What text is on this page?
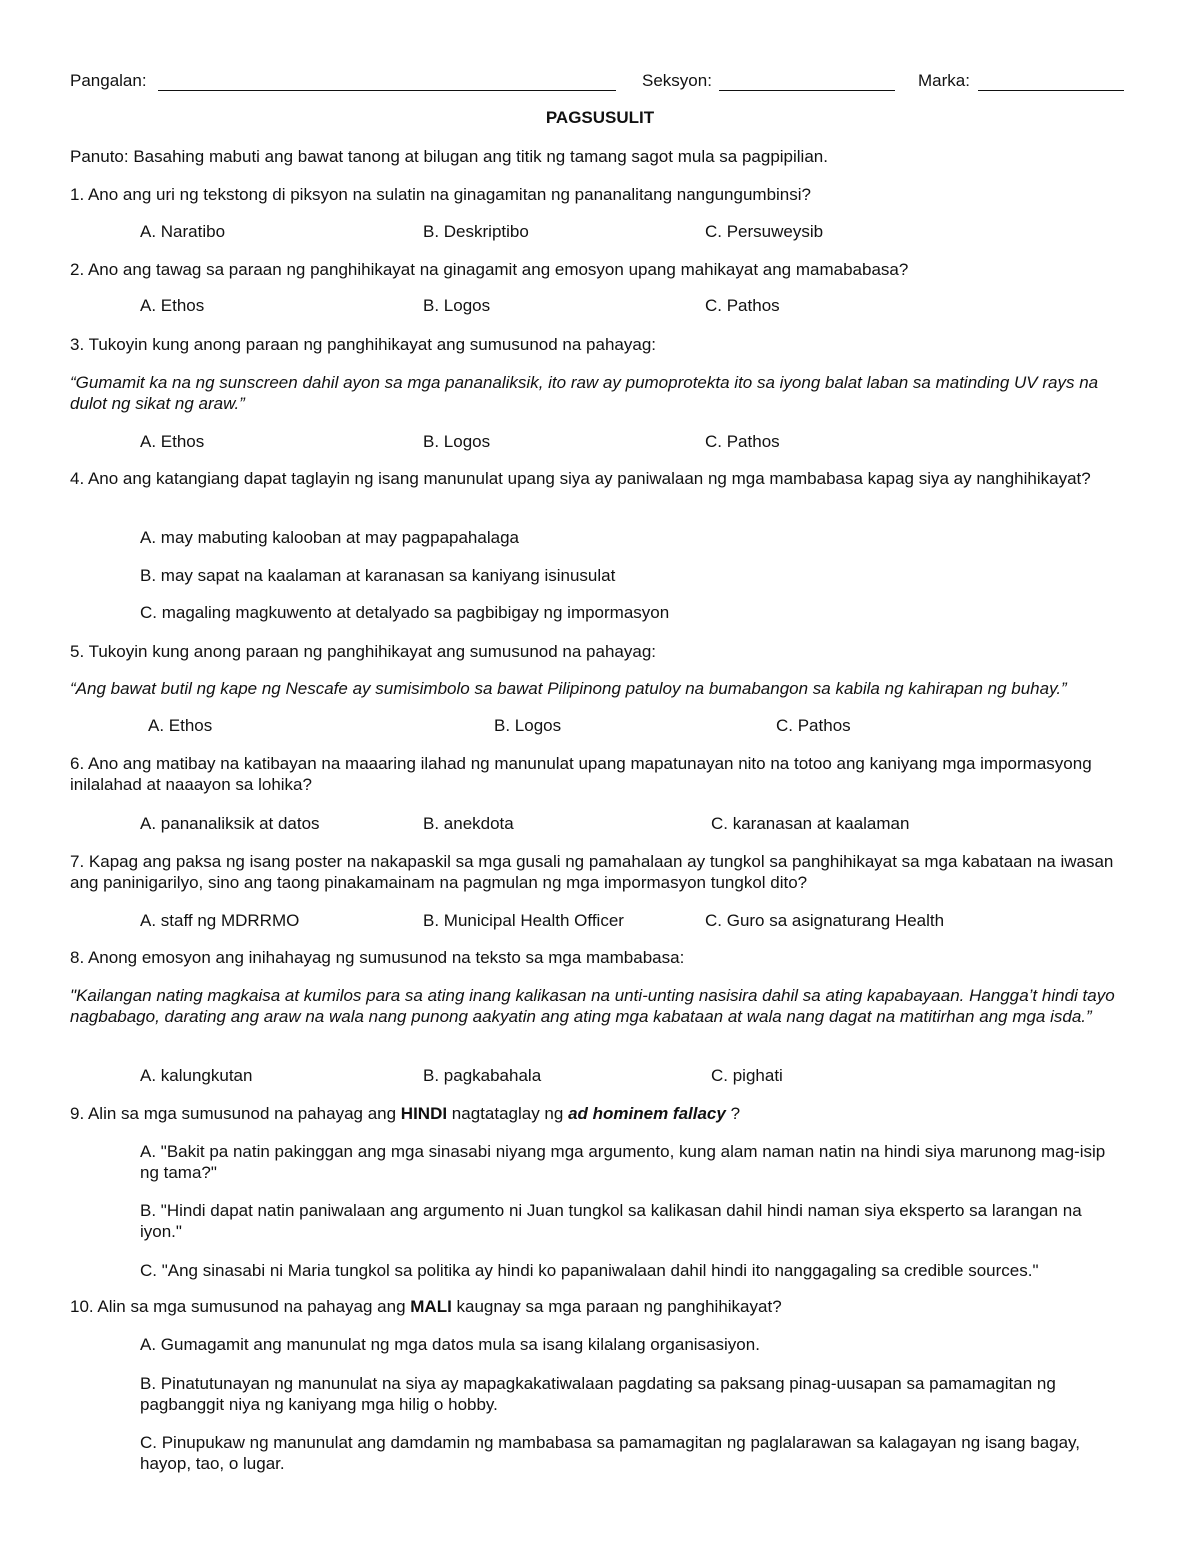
Pangalan:	Seksyon:	Marka:
PAGSUSULIT
Panuto: Basahing mabuti ang bawat tanong at bilugan ang titik ng tamang sagot mula sa pagpipilian.
1. Ano ang uri ng tekstong di piksyon na sulatin na ginagamitan ng pananalitang nangungumbinsi?
A. Naratibo	B. Deskriptibo	C. Persuweysib
2. Ano ang tawag sa paraan ng panghihikayat na ginagamit ang emosyon upang mahikayat ang mamababasa?
A. Ethos	B. Logos	C. Pathos
3. Tukoyin kung anong paraan ng panghihikayat ang sumusunod na pahayag:
“Gumamit ka na ng sunscreen dahil ayon sa mga pananaliksik, ito raw ay pumoprotekta ito sa iyong balat laban sa matinding UV rays na dulot ng sikat ng araw.”
A. Ethos	B. Logos	C. Pathos
4. Ano ang katangiang dapat taglayin ng isang manunulat upang siya ay paniwalaan ng mga mambabasa kapag siya ay nanghihikayat?
A. may mabuting kalooban at may pagpapahalaga
B. may sapat na kaalaman at karanasan sa kaniyang isinusulat
C. magaling magkuwento at detalyado sa pagbibigay ng impormasyon
5. Tukoyin kung anong paraan ng panghihikayat ang sumusunod na pahayag:
“Ang bawat butil ng kape ng Nescafe ay sumisimbolo sa bawat Pilipinong patuloy na bumabangon sa kabila ng kahirapan ng buhay.”
A. Ethos	B. Logos	C. Pathos
6. Ano ang matibay na katibayan na maaaring ilahad ng manunulat upang mapatunayan nito na totoo ang kaniyang mga impormasyong inilalahad at naaayon sa lohika?
A. pananaliksik at datos	B. anekdota	C. karanasan at kaalaman
7. Kapag ang paksa ng isang poster na nakapaskil sa mga gusali ng pamahalaan ay tungkol sa panghihikayat sa mga kabataan na iwasan ang paninigarilyo, sino ang taong pinakamainam na pagmulan ng mga impormasyon tungkol dito?
A. staff ng MDRRMO	B. Municipal Health Officer	C. Guro sa asignaturang Health
8. Anong emosyon ang inihahayag ng sumusunod na teksto sa mga mambabasa:
"Kailangan nating magkaisa at kumilos para sa ating inang kalikasan na unti-unting nasisira dahil sa ating kapabayaan. Hangga’t hindi tayo nagbabago, darating ang araw na wala nang punong aakyatin ang ating mga kabataan at wala nang dagat na matitirhan ang mga isda.”
A. kalungkutan	B. pagkabahala	C. pighati
9. Alin sa mga sumusunod na pahayag ang HINDI nagtataglay ng ad hominem fallacy ?
A. "Bakit pa natin pakinggan ang mga sinasabi niyang mga argumento, kung alam naman natin na hindi siya marunong mag-isip ng tama?"
B. "Hindi dapat natin paniwalaan ang argumento ni Juan tungkol sa kalikasan dahil hindi naman siya eksperto sa larangan na iyon."
C. "Ang sinasabi ni Maria tungkol sa politika ay hindi ko papaniwalaan dahil hindi ito nanggagaling sa credible sources."
10. Alin sa mga sumusunod na pahayag ang MALI kaugnay sa mga paraan ng panghihikayat?
A. Gumagamit ang manunulat ng mga datos mula sa isang kilalang organisasiyon.
B. Pinatutunayan ng manunulat na siya ay mapagkakatiwalaan pagdating sa paksang pinag-uusapan sa pamamagitan ng pagbanggit niya ng kaniyang mga hilig o hobby.
C. Pinupukaw ng manunulat ang damdamin ng mambabasa sa pamamagitan ng paglalarawan sa kalagayan ng isang bagay, hayop, tao, o lugar.
